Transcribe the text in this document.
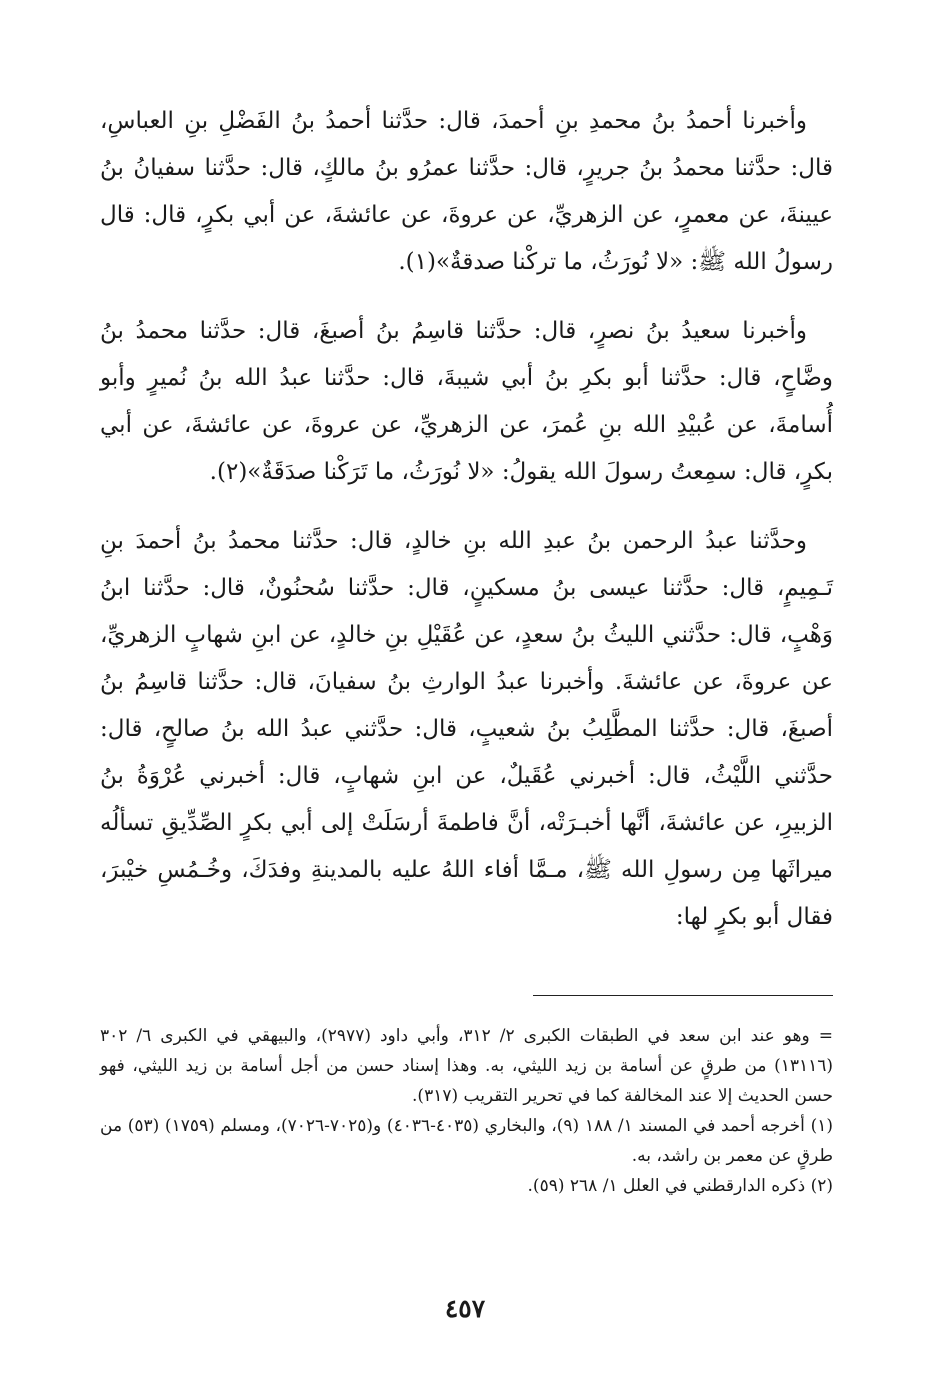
وأخبرنا أحمدُ بنُ محمدِ بنِ أحمدَ، قال: حدَّثنا أحمدُ بنُ الفَضْلِ بنِ العباسِ، قال: حدَّثنا محمدُ بنُ جريرٍ، قال: حدَّثنا عمرُو بنُ مالكٍ، قال: حدَّثنا سفيانُ بنُ عيينةَ، عن معمرٍ، عن الزهريِّ، عن عروةَ، عن عائشةَ، عن أبي بكرٍ، قال: قال رسولُ الله ﷺ: «لا نُورَثُ، ما تركْنا صدقةٌ»(١).

وأخبرنا سعيدُ بنُ نصرٍ، قال: حدَّثنا قاسِمُ بنُ أصبغَ، قال: حدَّثنا محمدُ بنُ وضَّاحٍ، قال: حدَّثنا أبو بكرِ بنُ أبي شيبةَ، قال: حدَّثنا عبدُ الله بنُ نُميرٍ وأبو أُسامةَ، عن عُبيْدِ الله بنِ عُمرَ، عن الزهريِّ، عن عروةَ، عن عائشةَ، عن أبي بكرٍ، قال: سمِعتُ رسولَ الله يقولُ: «لا نُورَثُ، ما تَرَكْنا صدَقَةٌ»(٢).

وحدَّثنا عبدُ الرحمن بنُ عبدِ الله بنِ خالدٍ، قال: حدَّثنا محمدُ بنُ أحمدَ بنِ تَـمِيمٍ، قال: حدَّثنا عيسى بنُ مسكينٍ، قال: حدَّثنا سُحنُونٌ، قال: حدَّثنا ابنُ وَهْبٍ، قال: حدَّثني الليثُ بنُ سعدٍ، عن عُقَيْلِ بنِ خالدٍ، عن ابنِ شهابٍ الزهريِّ، عن عروةَ، عن عائشةَ. وأخبرنا عبدُ الوارثِ بنُ سفيانَ، قال: حدَّثنا قاسِمُ بنُ أصبغَ، قال: حدَّثنا المطَّلِبُ بنُ شعيبٍ، قال: حدَّثني عبدُ الله بنُ صالحٍ، قال: حدَّثني اللَّيْثُ، قال: أخبرني عُقَيلٌ، عن ابنِ شهابٍ، قال: أخبرني عُرْوَةُ بنُ الزبيرِ، عن عائشةَ، أنَّها أخبـرَتْه، أنَّ فاطمةَ أرسَلَتْ إلى أبي بكرٍ الصِّدِّيقِ تسألُه ميراثَها مِن رسولِ الله ﷺ، مـمَّا أفاء اللهُ عليه بالمدينةِ وفدَكَ، وخُـمُسِ خيْبرَ، فقال أبو بكرٍ لها:

= وهو عند ابن سعد في الطبقات الكبرى ٢/ ٣١٢، وأبي داود (٢٩٧٧)، والبيهقي في الكبرى ٦/ ٣٠٢ (١٣١١٦) من طرقٍ عن أسامة بن زيد الليثي، به. وهذا إسناد حسن من أجل أسامة بن زيد الليثي، فهو حسن الحديث إلا عند المخالفة كما في تحرير التقريب (٣١٧).

(١) أخرجه أحمد في المسند ١/ ١٨٨ (٩)، والبخاري (٤٠٣٥-٤٠٣٦) و(٧٠٢٥-٧٠٢٦)، ومسلم (١٧٥٩) (٥٣) من طرقٍ عن معمر بن راشد، به.

(٢) ذكره الدارقطني في العلل ١/ ٢٦٨ (٥٩).

٤٥٧
